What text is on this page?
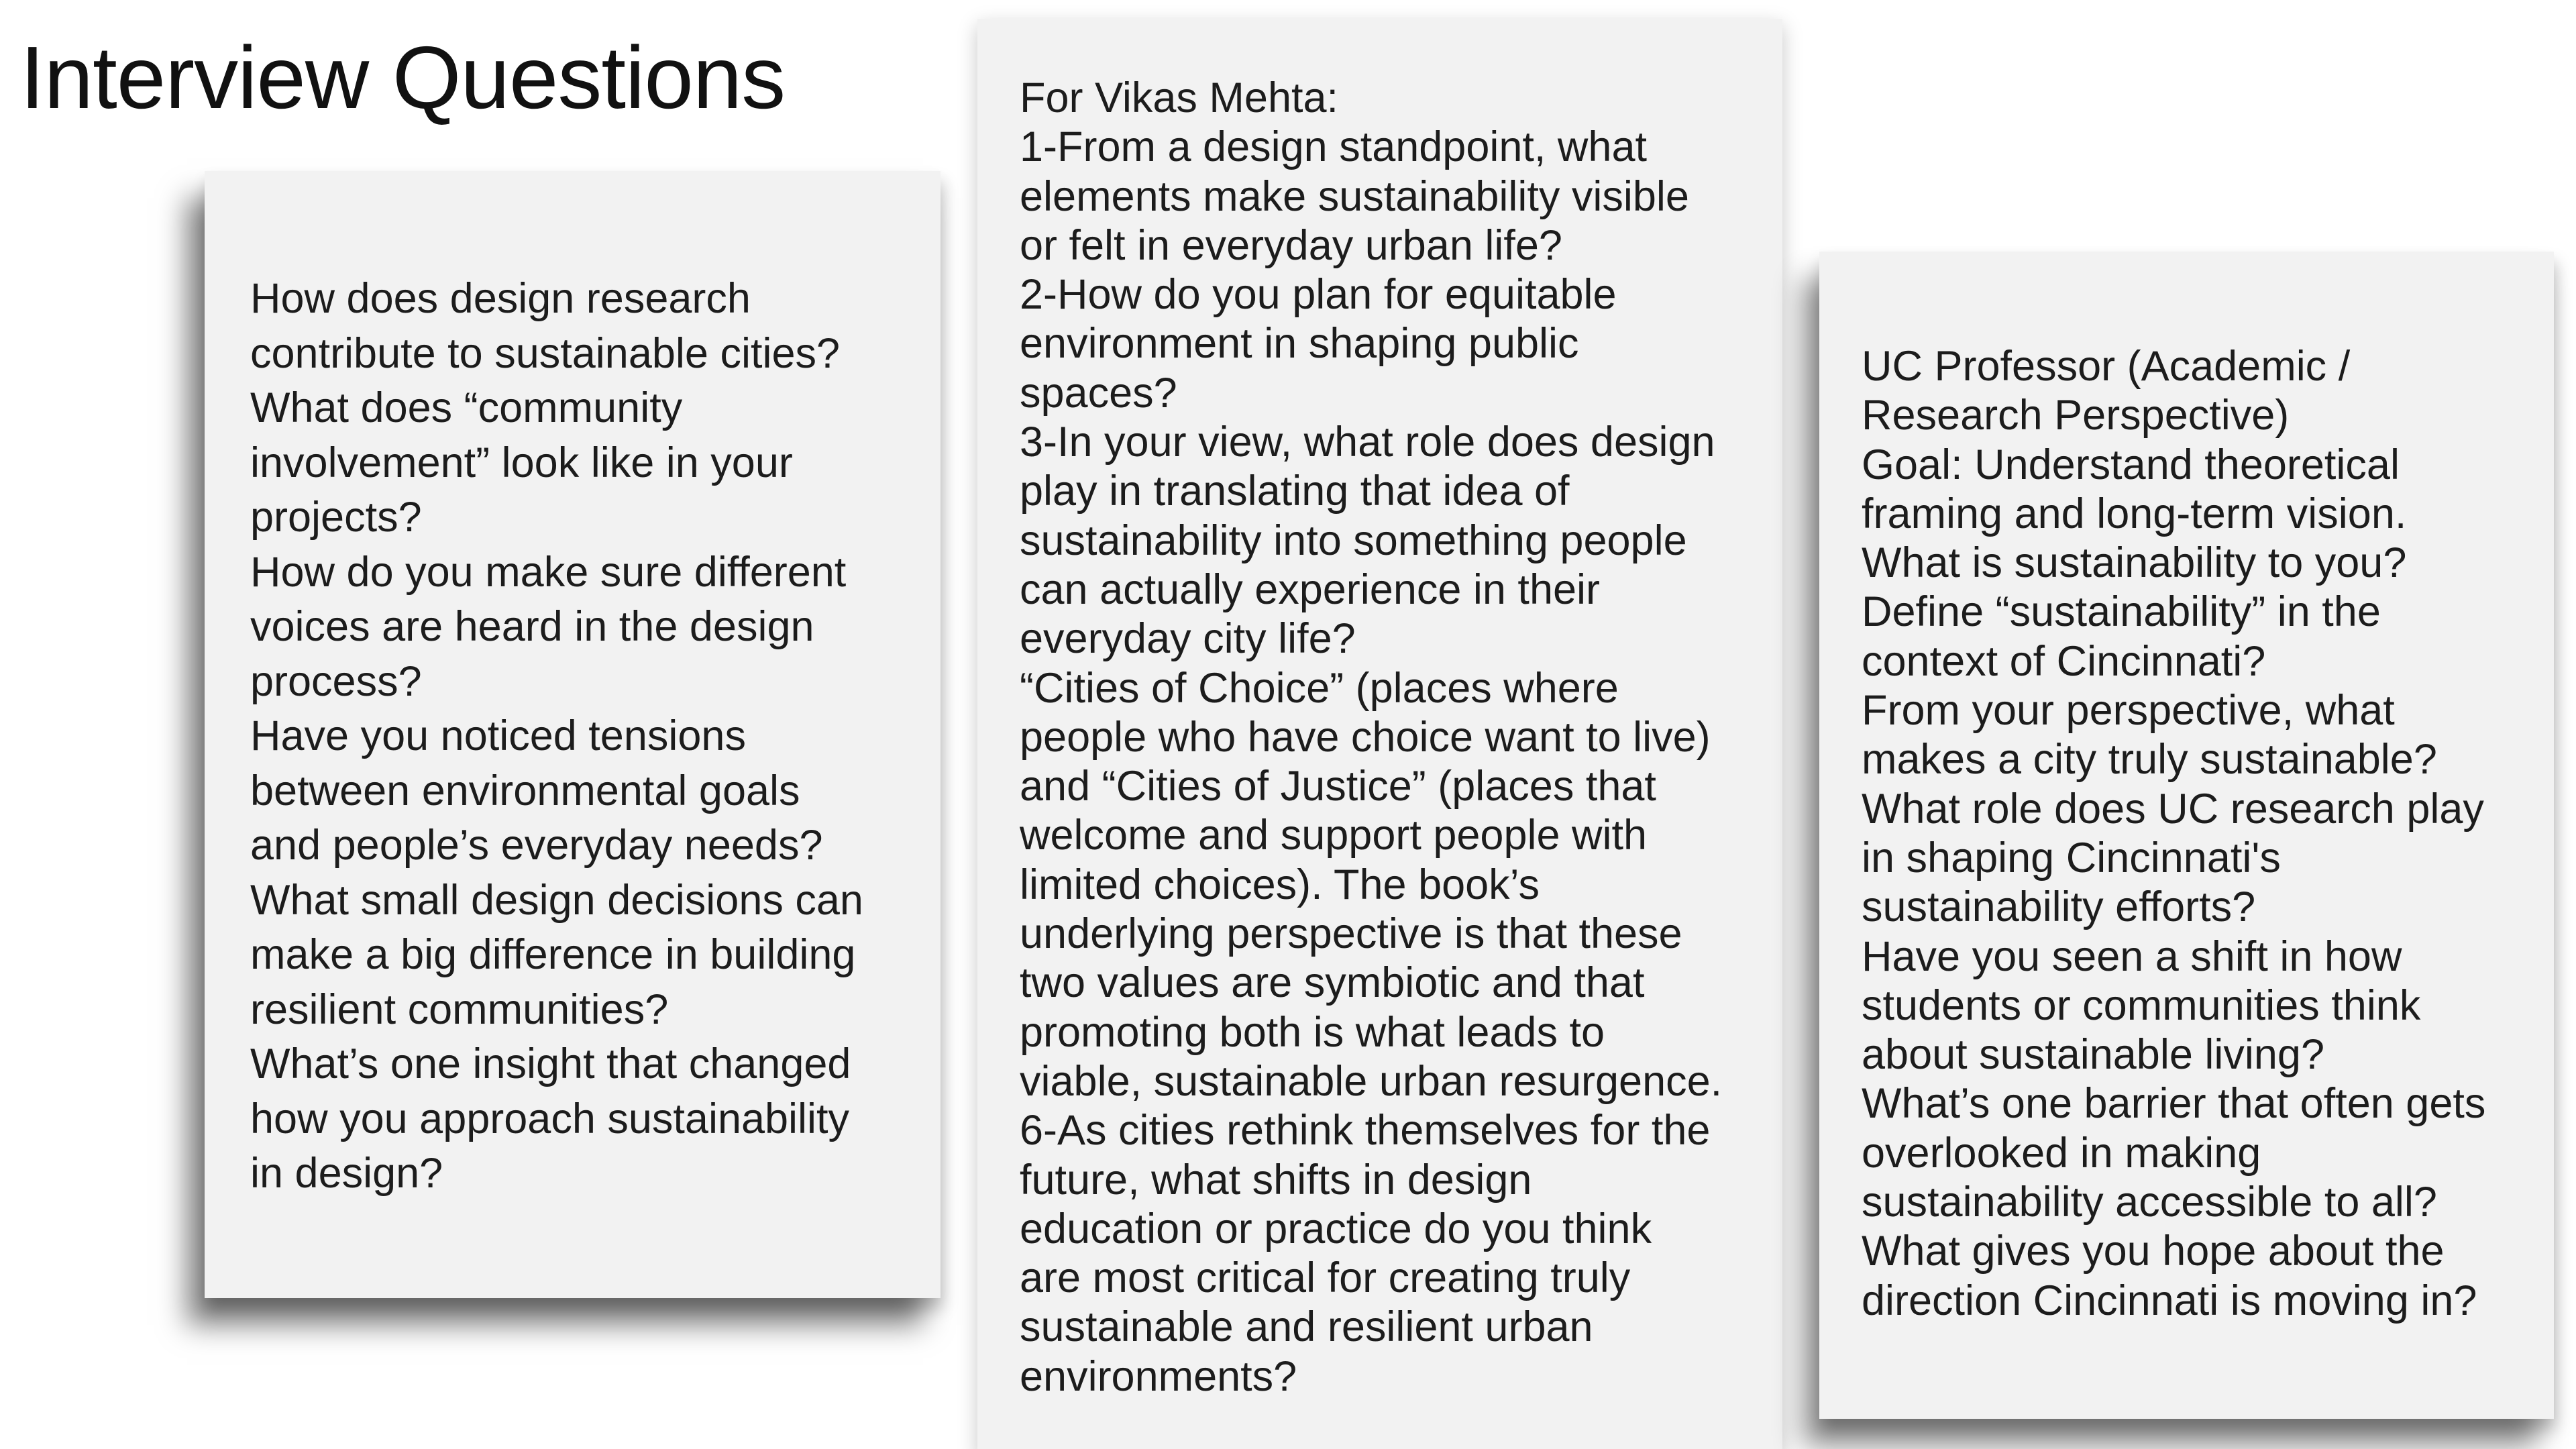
Interview Questions
How does design research
contribute to sustainable cities?
What does “community
involvement” look like in your
projects?
How do you make sure different
voices are heard in the design
process?
Have you noticed tensions
between environmental goals
and people’s everyday needs?
What small design decisions can
make a big difference in building
resilient communities?
What’s one insight that changed
how you approach sustainability
in design?
For Vikas Mehta:
1-From a design standpoint, what
elements make sustainability visible
or felt in everyday urban life?
2-How do you plan for equitable
environment in shaping public
spaces?
3-In your view, what role does design
play in translating that idea of
sustainability into something people
can actually experience in their
everyday city life?
“Cities of Choice” (places where
people who have choice want to live)
and “Cities of Justice” (places that
welcome and support people with
limited choices). The book’s
underlying perspective is that these
two values are symbiotic and that
promoting both is what leads to
viable, sustainable urban resurgence.
6-As cities rethink themselves for the
future, what shifts in design
education or practice do you think
are most critical for creating truly
sustainable and resilient urban
environments?
UC Professor (Academic /
Research Perspective)
Goal: Understand theoretical
framing and long-term vision.
What is sustainability to you?
Define “sustainability” in the
context of Cincinnati?
From your perspective, what
makes a city truly sustainable?
What role does UC research play
in shaping Cincinnati's
sustainability efforts?
Have you seen a shift in how
students or communities think
about sustainable living?
What’s one barrier that often gets
overlooked in making
sustainability accessible to all?
What gives you hope about the
direction Cincinnati is moving in?
